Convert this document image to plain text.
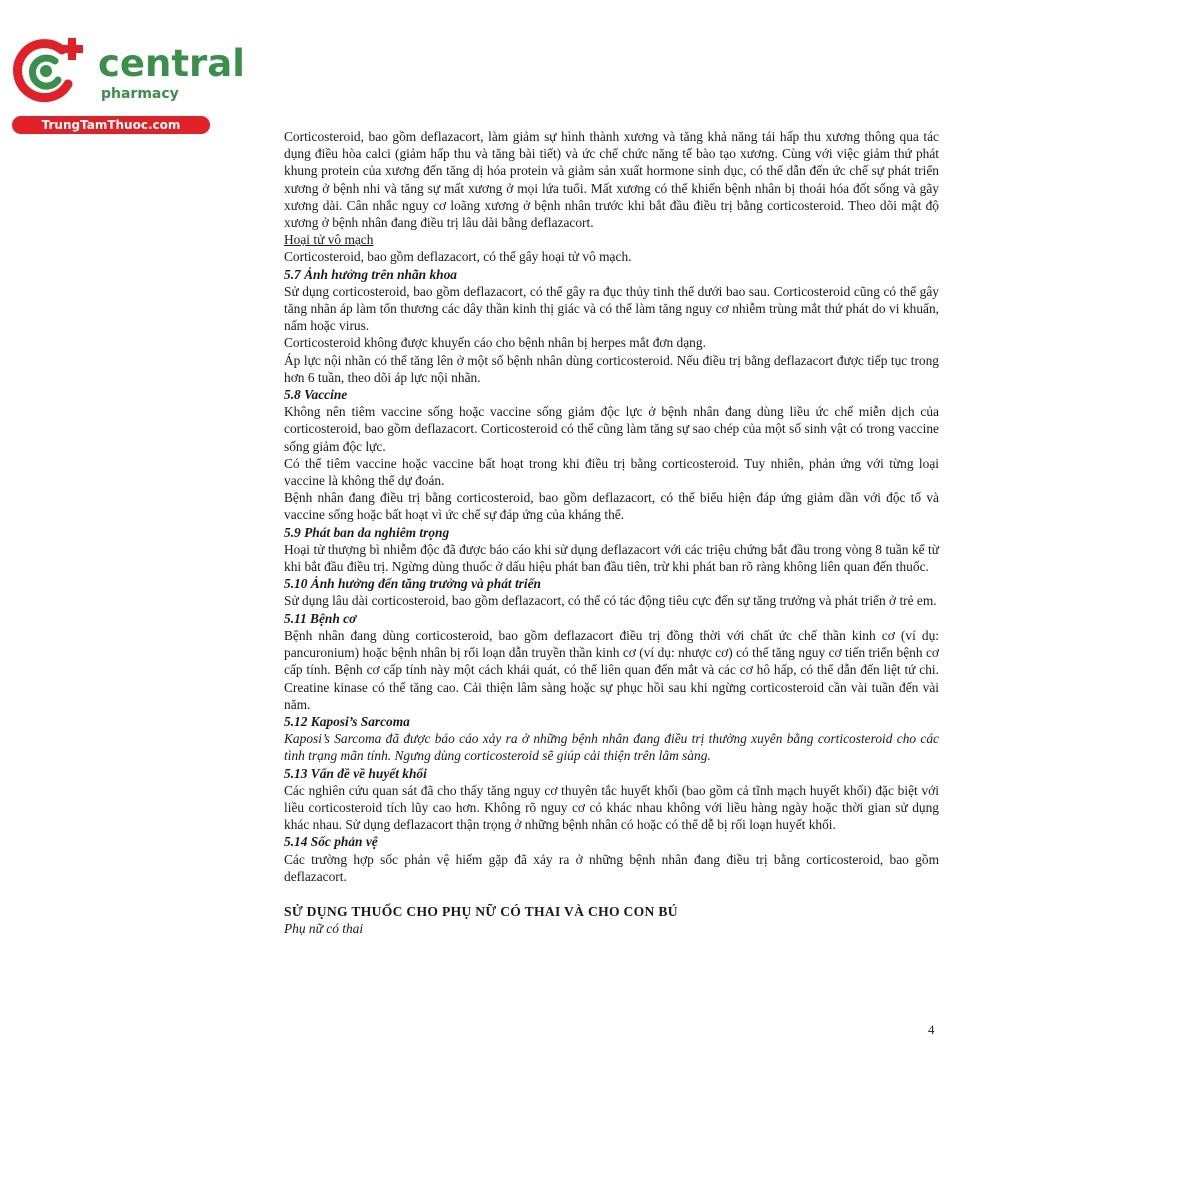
central
pharmacy
TrungTamThuoc.com

Corticosteroid, bao gồm deflazacort, làm giảm sự hình thành xương và tăng khả năng tái hấp thu xương thông qua tác dụng điều hòa calci (giảm hấp thu và tăng bài tiết) và ức chế chức năng tế bào tạo xương. Cùng với việc giảm thứ phát khung protein của xương đến tăng dị hóa protein và giảm sản xuất hormone sinh dục, có thể dẫn đến ức chế sự phát triển xương ở bệnh nhi và tăng sự mất xương ở mọi lứa tuổi. Mất xương có thể khiến bệnh nhân bị thoái hóa đốt sống và gãy xương dài. Cân nhắc nguy cơ loãng xương ở bệnh nhân trước khi bắt đầu điều trị bằng corticosteroid. Theo dõi mật độ xương ở bệnh nhân đang điều trị lâu dài bằng deflazacort.

Hoại tử vô mạch

Corticosteroid, bao gồm deflazacort, có thể gây hoại tử vô mạch.

5.7 Ảnh hưởng trên nhãn khoa

Sử dụng corticosteroid, bao gồm deflazacort, có thể gây ra đục thủy tinh thể dưới bao sau. Corticosteroid cũng có thể gây tăng nhãn áp làm tổn thương các dây thần kinh thị giác và có thể làm tăng nguy cơ nhiễm trùng mắt thứ phát do vi khuẩn, nấm hoặc virus.

Corticosteroid không được khuyến cáo cho bệnh nhân bị herpes mắt đơn dạng.

Áp lực nội nhãn có thể tăng lên ở một số bệnh nhân dùng corticosteroid. Nếu điều trị bằng deflazacort được tiếp tục trong hơn 6 tuần, theo dõi áp lực nội nhãn.

5.8 Vaccine

Không nên tiêm vaccine sống hoặc vaccine sống giảm độc lực ở bệnh nhân đang dùng liều ức chế miễn dịch của corticosteroid, bao gồm deflazacort. Corticosteroid có thể cũng làm tăng sự sao chép của một số sinh vật có trong vaccine sống giảm độc lực.

Có thể tiêm vaccine hoặc vaccine bất hoạt trong khi điều trị bằng corticosteroid. Tuy nhiên, phản ứng với từng loại vaccine là không thể dự đoán.

Bệnh nhân đang điều trị bằng corticosteroid, bao gồm deflazacort, có thể biểu hiện đáp ứng giảm dần với độc tố và vaccine sống hoặc bất hoạt vì ức chế sự đáp ứng của kháng thể.

5.9 Phát ban da nghiêm trọng

Hoại tử thượng bì nhiễm độc đã được báo cáo khi sử dụng deflazacort với các triệu chứng bắt đầu trong vòng 8 tuần kể từ khi bắt đầu điều trị. Ngừng dùng thuốc ở dấu hiệu phát ban đầu tiên, trừ khi phát ban rõ ràng không liên quan đến thuốc.

5.10 Ảnh hưởng đến tăng trưởng và phát triển

Sử dụng lâu dài corticosteroid, bao gồm deflazacort, có thể có tác động tiêu cực đến sự tăng trưởng và phát triển ở trẻ em.

5.11 Bệnh cơ

Bệnh nhân đang dùng corticosteroid, bao gồm deflazacort điều trị đồng thời với chất ức chế thần kinh cơ (ví dụ: pancuronium) hoặc bệnh nhân bị rối loạn dẫn truyền thần kinh cơ (ví dụ: nhược cơ) có thể tăng nguy cơ tiến triển bệnh cơ cấp tính. Bệnh cơ cấp tính này một cách khái quát, có thể liên quan đến mắt và các cơ hô hấp, có thể dẫn đến liệt tứ chi. Creatine kinase có thể tăng cao. Cải thiện lâm sàng hoặc sự phục hồi sau khi ngừng corticosteroid cần vài tuần đến vài năm.

5.12 Kaposi’s Sarcoma

Kaposi’s Sarcoma đã được báo cáo xảy ra ở những bệnh nhân đang điều trị thường xuyên bằng corticosteroid cho các tình trạng mãn tính. Ngưng dùng corticosteroid sẽ giúp cải thiện trên lâm sàng.

5.13 Vấn đề về huyết khối

Các nghiên cứu quan sát đã cho thấy tăng nguy cơ thuyên tắc huyết khối (bao gồm cả tĩnh mạch huyết khối) đặc biệt với liều corticosteroid tích lũy cao hơn. Không rõ nguy cơ có khác nhau không với liều hàng ngày hoặc thời gian sử dụng khác nhau. Sử dụng deflazacort thận trọng ở những bệnh nhân có hoặc có thể dễ bị rối loạn huyết khối.

5.14 Sốc phản vệ

Các trường hợp sốc phản vệ hiếm gặp đã xảy ra ở những bệnh nhân đang điều trị bằng corticosteroid, bao gồm deflazacort.

SỬ DỤNG THUỐC CHO PHỤ NỮ CÓ THAI VÀ CHO CON BÚ

Phụ nữ có thai

4
